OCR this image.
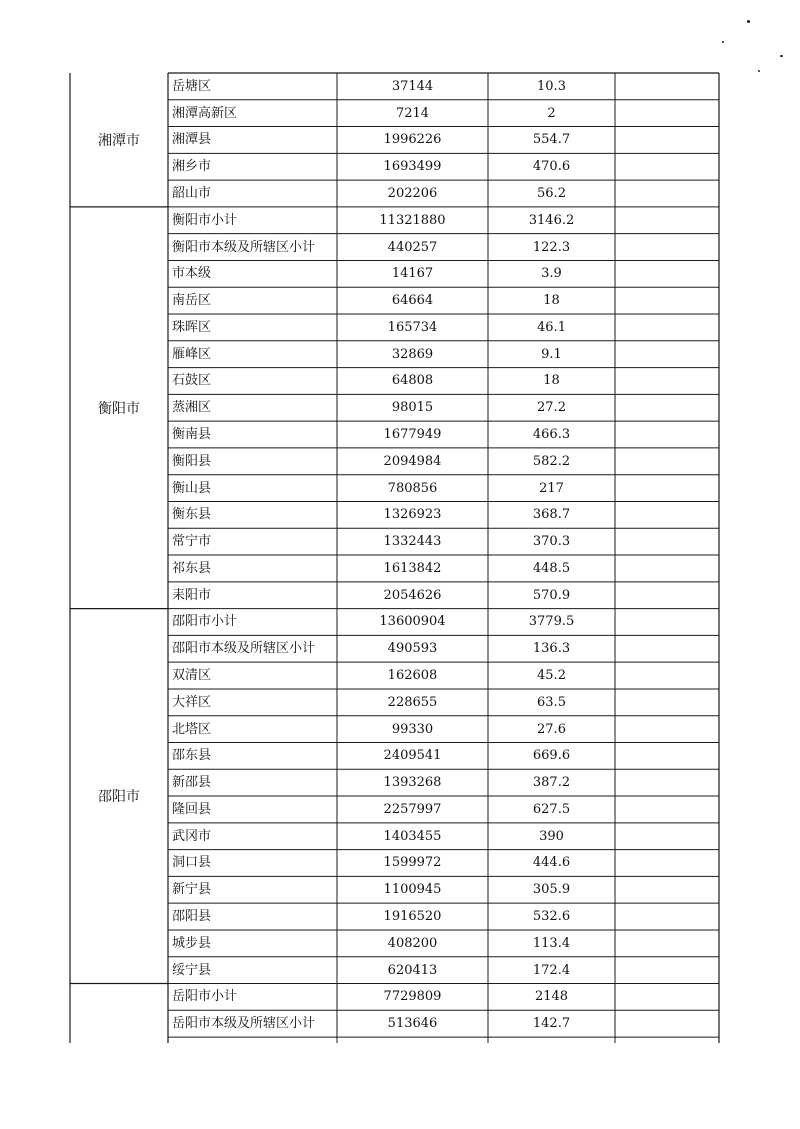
湘潭市
岳塘区	37144	10.3
湘潭高新区	7214	2
湘潭县	1996226	554.7
湘乡市	1693499	470.6
韶山市	202206	56.2
衡阳市
衡阳市小计	11321880	3146.2
衡阳市本级及所辖区小计	440257	122.3
市本级	14167	3.9
南岳区	64664	18
珠晖区	165734	46.1
雁峰区	32869	9.1
石鼓区	64808	18
蒸湘区	98015	27.2
衡南县	1677949	466.3
衡阳县	2094984	582.2
衡山县	780856	217
衡东县	1326923	368.7
常宁市	1332443	370.3
祁东县	1613842	448.5
耒阳市	2054626	570.9
邵阳市
邵阳市小计	13600904	3779.5
邵阳市本级及所辖区小计	490593	136.3
双清区	162608	45.2
大祥区	228655	63.5
北塔区	99330	27.6
邵东县	2409541	669.6
新邵县	1393268	387.2
隆回县	2257997	627.5
武冈市	1403455	390
洞口县	1599972	444.6
新宁县	1100945	305.9
邵阳县	1916520	532.6
城步县	408200	113.4
绥宁县	620413	172.4
岳阳市小计	7729809	2148
岳阳市本级及所辖区小计	513646	142.7
